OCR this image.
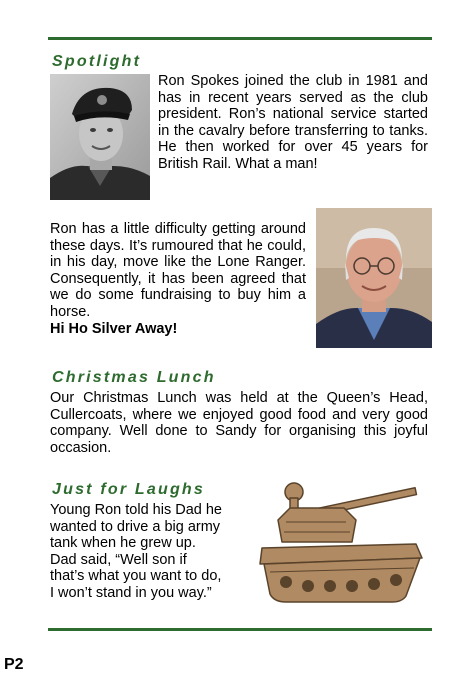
Spotlight

Ron Spokes joined the club in 1981 and has in recent years served as the club president. Ron’s national service started in the cavalry before transferring to tanks. He then worked for over 45 years for British Rail. What a man!

Ron has a little difficulty getting around these days. It’s rumoured that he could, in his day, move like the Lone Ranger. Consequently, it has been agreed that we do some fundraising to buy him a horse.
Hi Ho Silver Away!

Christmas Lunch

Our Christmas Lunch was held at the Queen’s Head, Cullercoats, where we enjoyed good food and very good company. Well done to Sandy for organising this joyful occasion.

Just for Laughs
Young Ron told his Dad he
wanted to drive a big army
tank when he grew up.
Dad said, “Well son if
that’s what you want to do,
I won’t stand in you way.”
P2
